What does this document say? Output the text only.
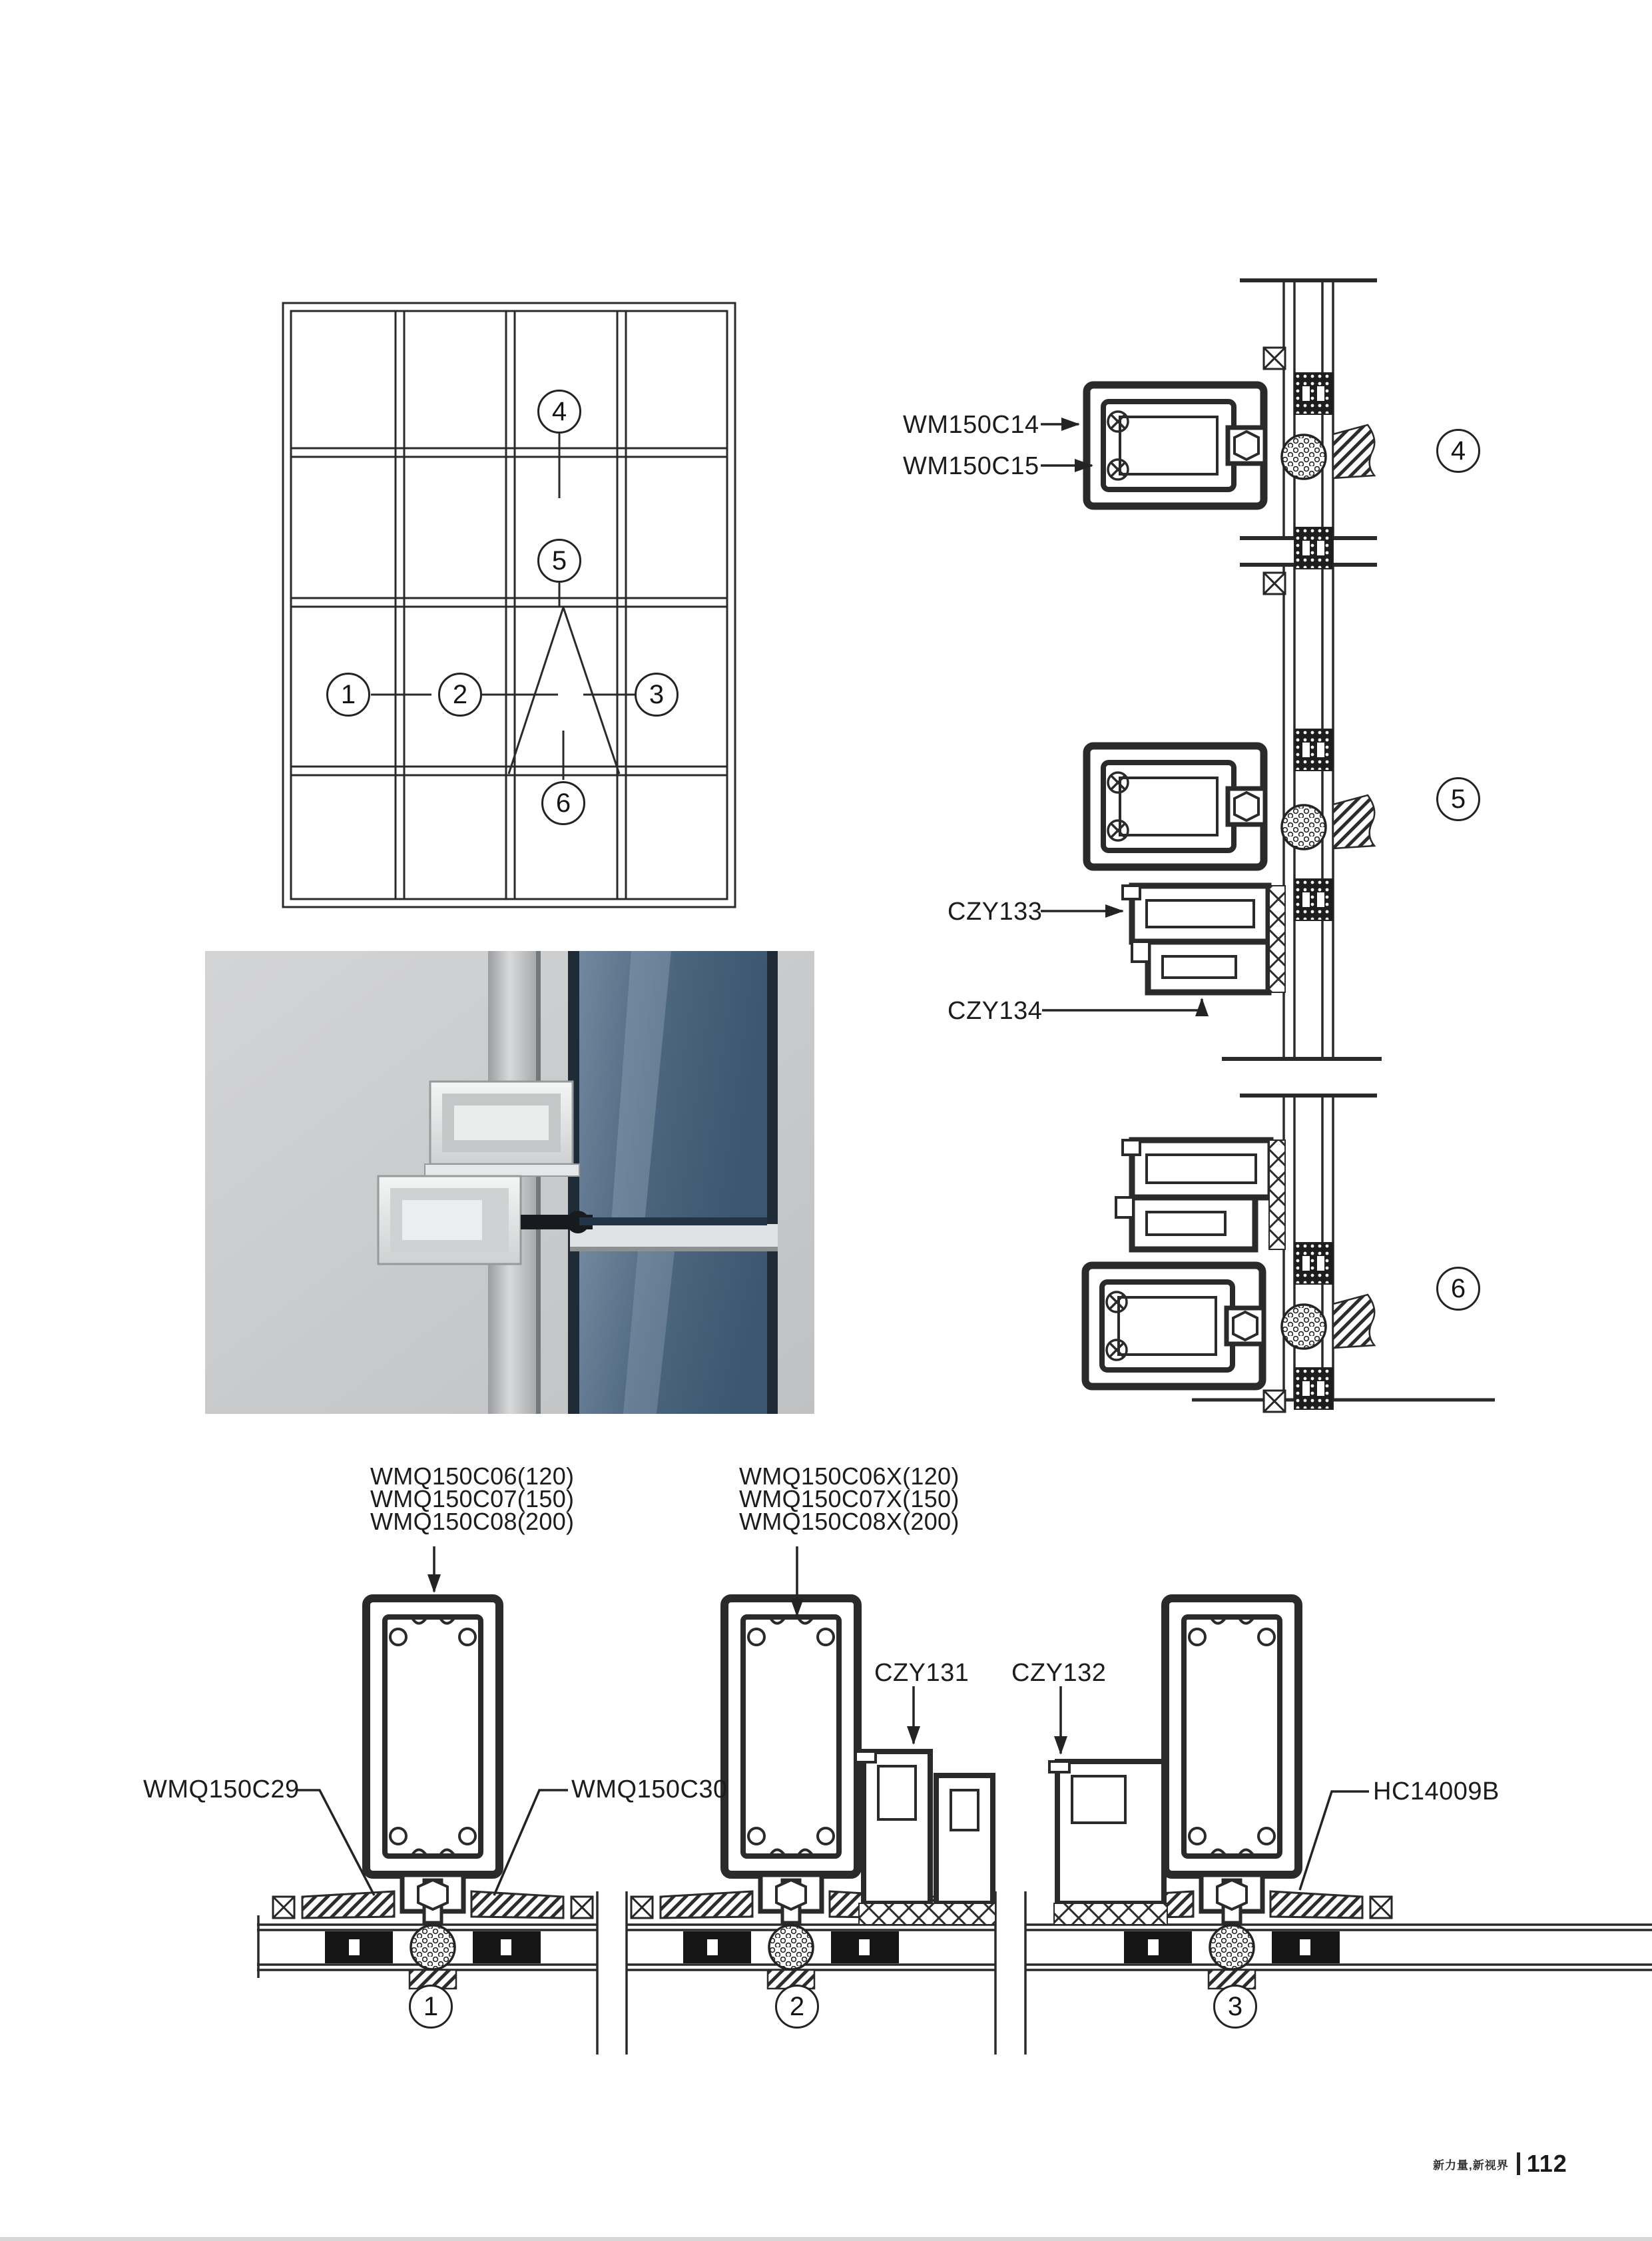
WM150C14
WM150C15
CZY133
CZY134
WMQ150C06(120)
WMQ150C07(150)
WMQ150C08(200)
WMQ150C06X(120)
WMQ150C07X(150)
WMQ150C08X(200)
CZY131 CZY132
WMQ150C29	WMQ150C30	HC14009B
4
5
1	2	3
6
4
5
6
1	2	3
新力量,新视界 112
